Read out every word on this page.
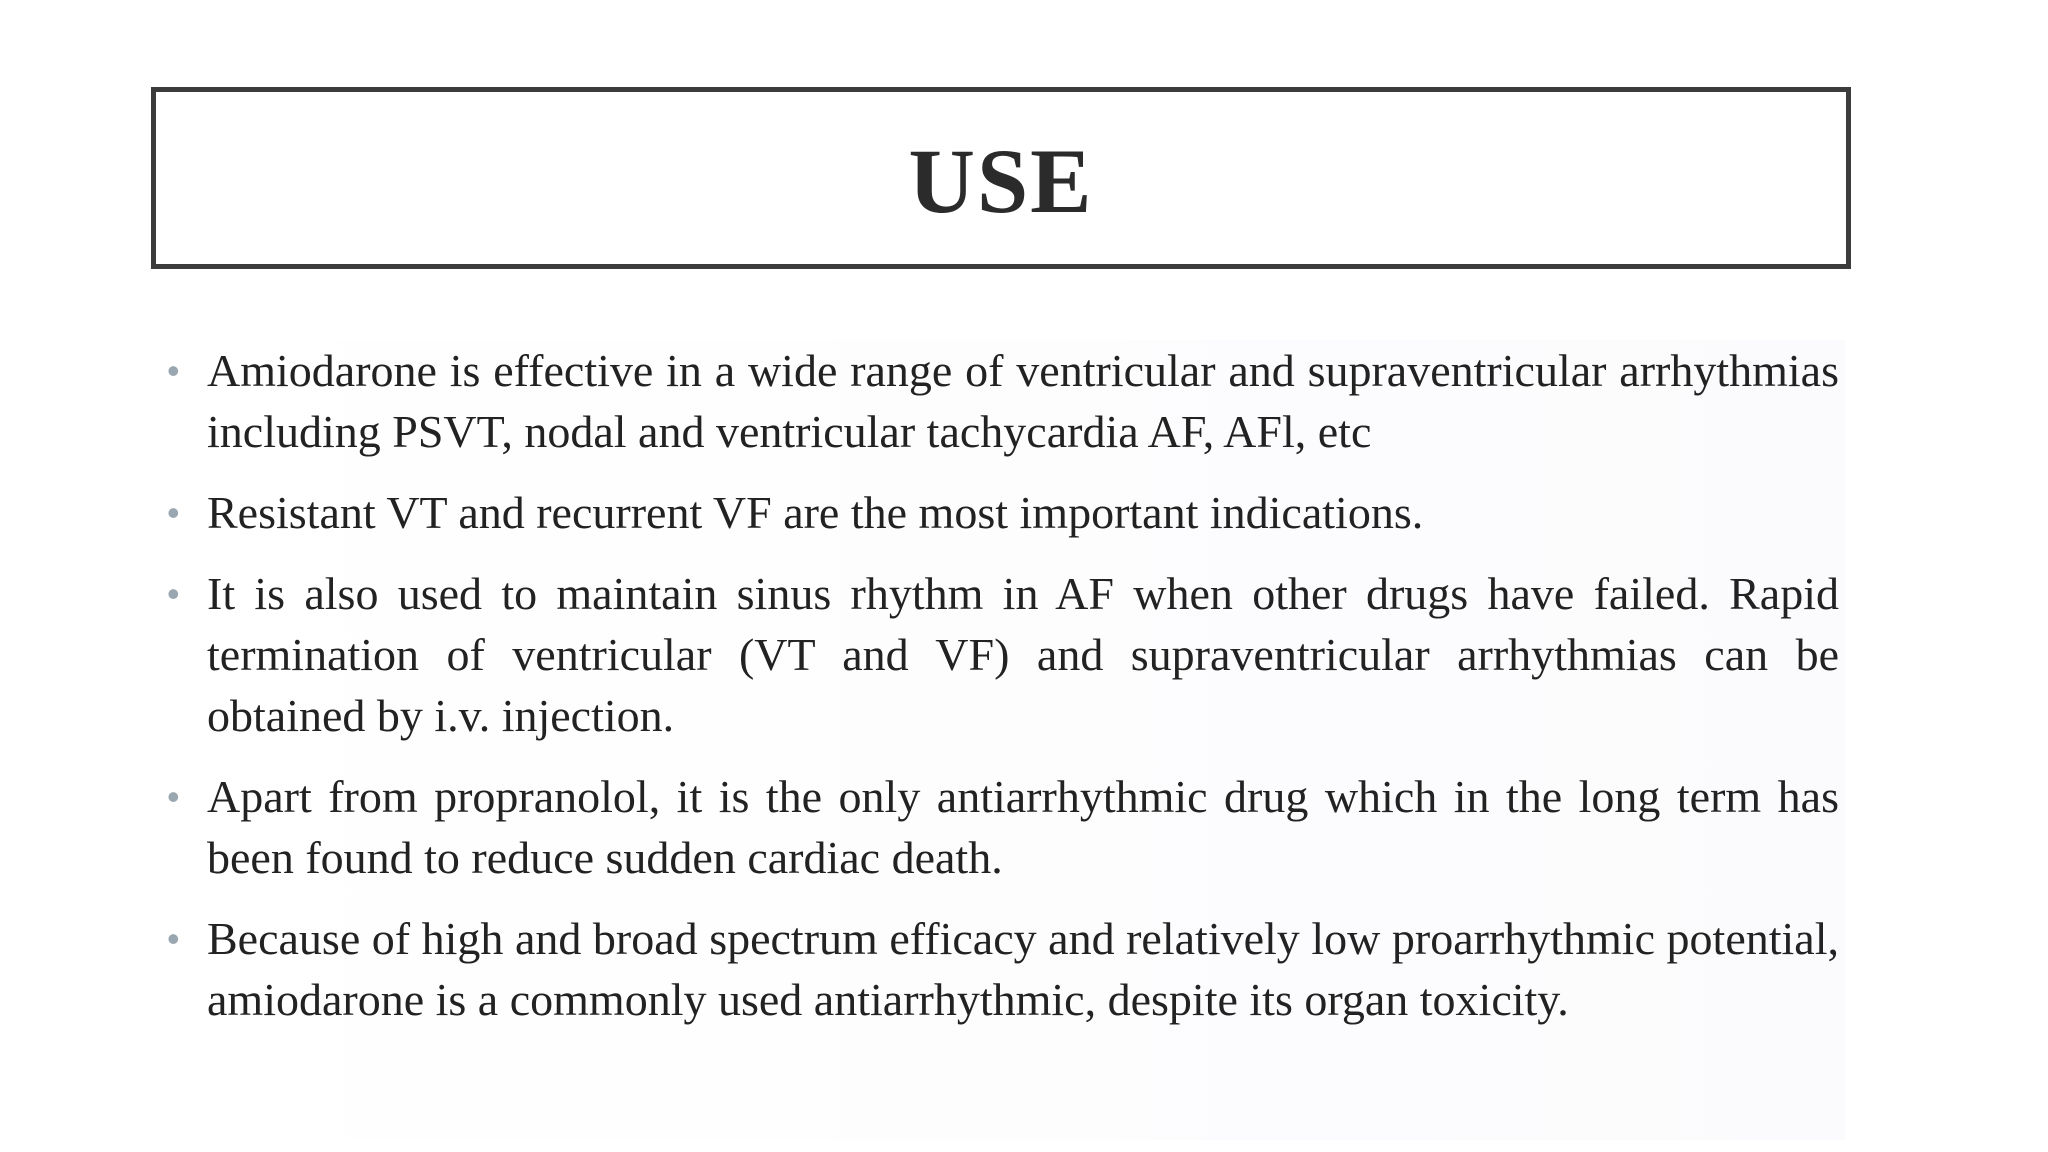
USE
• Amiodarone is effective in a wide range of ventricular and supraventricular arrhythmias including PSVT, nodal and ventricular tachycardia AF, AFl, etc
• Resistant VT and recurrent VF are the most important indications.
• It is also used to maintain sinus rhythm in AF when other drugs have failed. Rapid termination of ventricular (VT and VF) and supraventricular arrhythmias can be obtained by i.v. injection.
• Apart from propranolol, it is the only antiarrhythmic drug which in the long term has been found to reduce sudden cardiac death.
• Because of high and broad spectrum efficacy and relatively low proarrhythmic potential, amiodarone is a commonly used antiarrhythmic, despite its organ toxicity.
